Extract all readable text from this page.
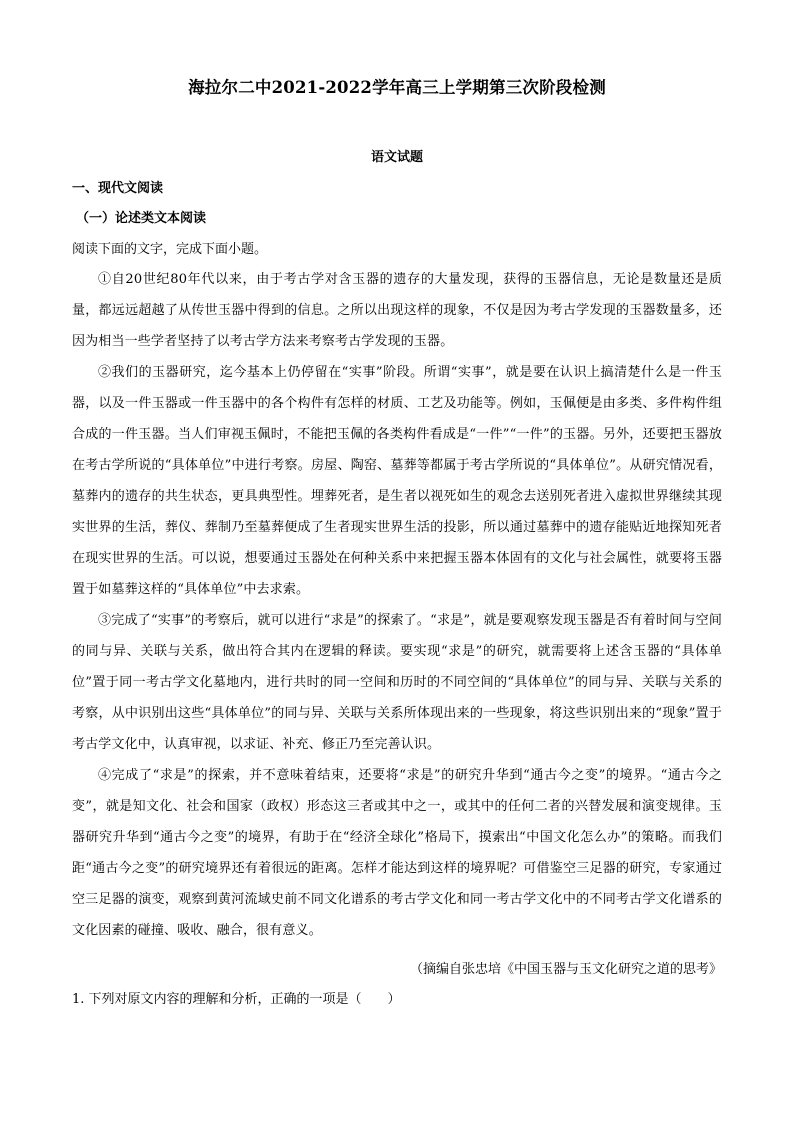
海拉尔二中2021-2022学年高三上学期第三次阶段检测
语文试题
一、现代文阅读
（一）论述类文本阅读
阅读下面的文字，完成下面小题。

①自20世纪80年代以来，由于考古学对含玉器的遗存的大量发现，获得的玉器信息，无论是数量还是质量，都远远超越了从传世玉器中得到的信息。之所以出现这样的现象，不仅是因为考古学发现的玉器数量多，还因为相当一些学者坚持了以考古学方法来考察考古学发现的玉器。

②我们的玉器研究，迄今基本上仍停留在“实事”阶段。所谓“实事”，就是要在认识上搞清楚什么是一件玉器，以及一件玉器或一件玉器中的各个构件有怎样的材质、工艺及功能等。例如，玉佩便是由多类、多件构件组合成的一件玉器。当人们审视玉佩时，不能把玉佩的各类构件看成是“一件”“一件”的玉器。另外，还要把玉器放在考古学所说的“具体单位”中进行考察。房屋、陶窑、墓葬等都属于考古学所说的“具体单位”。从研究情况看，墓葬内的遗存的共生状态，更具典型性。埋葬死者，是生者以视死如生的观念去送别死者进入虚拟世界继续其现实世界的生活，葬仪、葬制乃至墓葬便成了生者现实世界生活的投影，所以通过墓葬中的遗存能贴近地探知死者在现实世界的生活。可以说，想要通过玉器处在何种关系中来把握玉器本体固有的文化与社会属性，就要将玉器置于如墓葬这样的“具体单位”中去求索。

③完成了“实事”的考察后，就可以进行“求是”的探索了。“求是”，就是要观察发现玉器是否有着时间与空间的同与异、关联与关系，做出符合其内在逻辑的释读。要实现“求是”的研究，就需要将上述含玉器的“具体单位”置于同一考古学文化墓地内，进行共时的同一空间和历时的不同空间的“具体单位”的同与异、关联与关系的考察，从中识别出这些“具体单位”的同与异、关联与关系所体现出来的一些现象，将这些识别出来的“现象”置于考古学文化中，认真审视，以求证、补充、修正乃至完善认识。

④完成了“求是”的探索，并不意味着结束，还要将“求是”的研究升华到“通古今之变”的境界。“通古今之变”，就是知文化、社会和国家（政权）形态这三者或其中之一，或其中的任何二者的兴替发展和演变规律。玉器研究升华到“通古今之变”的境界，有助于在“经济全球化”格局下，摸索出“中国文化怎么办”的策略。而我们距“通古今之变”的研究境界还有着很远的距离。怎样才能达到这样的境界呢？可借鉴空三足器的研究，专家通过空三足器的演变，观察到黄河流域史前不同文化谱系的考古学文化和同一考古学文化中的不同考古学文化谱系的文化因素的碰撞、吸收、融合，很有意义。

（摘编自张忠培《中国玉器与玉文化研究之道的思考》
1. 下列对原文内容的理解和分析，正确的一项是（　　）
